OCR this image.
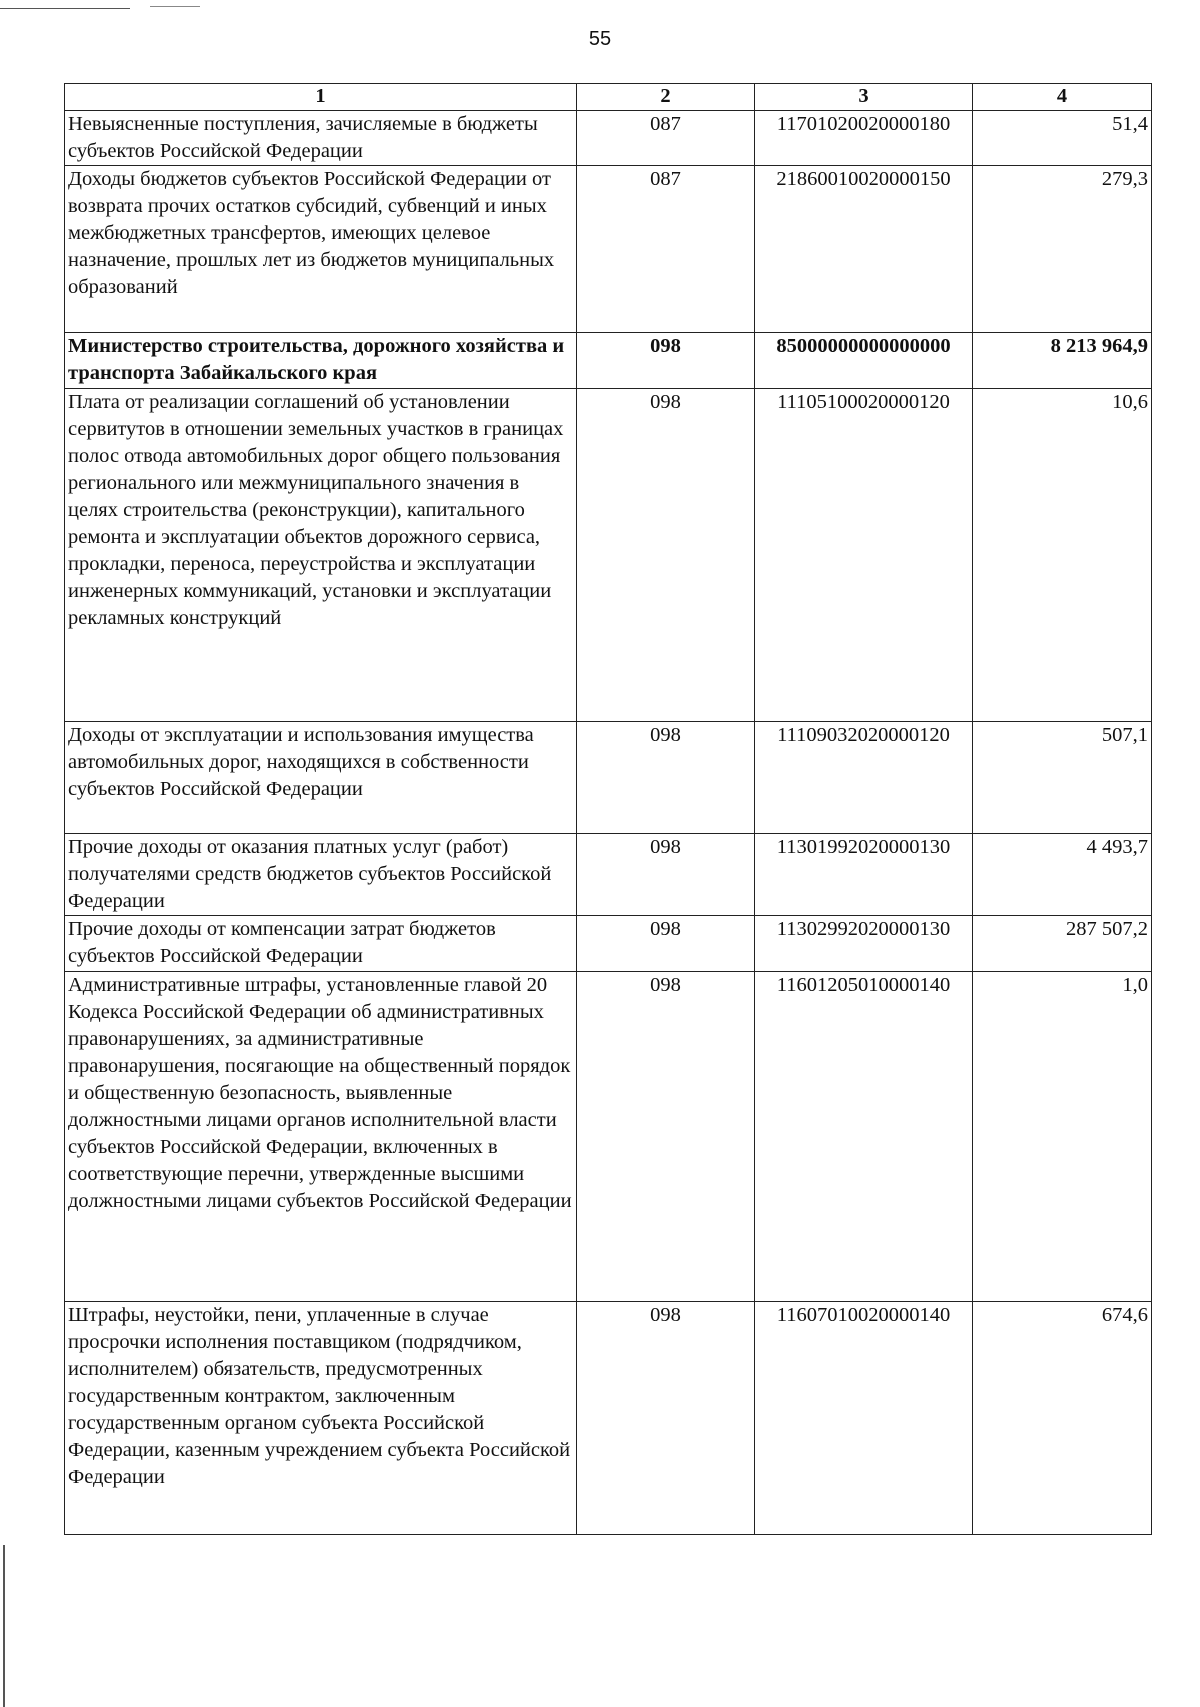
55
1	2	3	4
Невыясненные поступления, зачисляемые в бюджеты субъектов Российской Федерации	087	11701020020000180	51,4
Доходы бюджетов субъектов Российской Федерации от возврата прочих остатков субсидий, субвенций и иных межбюджетных трансфертов, имеющих целевое назначение, прошлых лет из бюджетов муниципальных образований	087	21860010020000150	279,3
Министерство строительства, дорожного хозяйства и транспорта Забайкальского края	098	85000000000000000	8 213 964,9
Плата от реализации соглашений об установлении сервитутов в отношении земельных участков в границах полос отвода автомобильных дорог общего пользования регионального или межмуниципального значения в целях строительства (реконструкции), капитального ремонта и эксплуатации объектов дорожного сервиса, прокладки, переноса, переустройства и эксплуатации инженерных коммуникаций, установки и эксплуатации рекламных конструкций	098	11105100020000120	10,6
Доходы от эксплуатации и использования имущества автомобильных дорог, находящихся в собственности субъектов Российской Федерации	098	11109032020000120	507,1
Прочие доходы от оказания платных услуг (работ) получателями средств бюджетов субъектов Российской Федерации	098	11301992020000130	4 493,7
Прочие доходы от компенсации затрат бюджетов субъектов Российской Федерации	098	11302992020000130	287 507,2
Административные штрафы, установленные главой 20 Кодекса Российской Федерации об административных правонарушениях, за административные правонарушения, посягающие на общественный порядок и общественную безопасность, выявленные должностными лицами органов исполнительной власти субъектов Российской Федерации, включенных в соответствующие перечни, утвержденные высшими должностными лицами субъектов Российской Федерации	098	11601205010000140	1,0
Штрафы, неустойки, пени, уплаченные в случае просрочки исполнения поставщиком (подрядчиком, исполнителем) обязательств, предусмотренных государственным контрактом, заключенным государственным органом субъекта Российской Федерации, казенным учреждением субъекта Российской Федерации	098	11607010020000140	674,6
